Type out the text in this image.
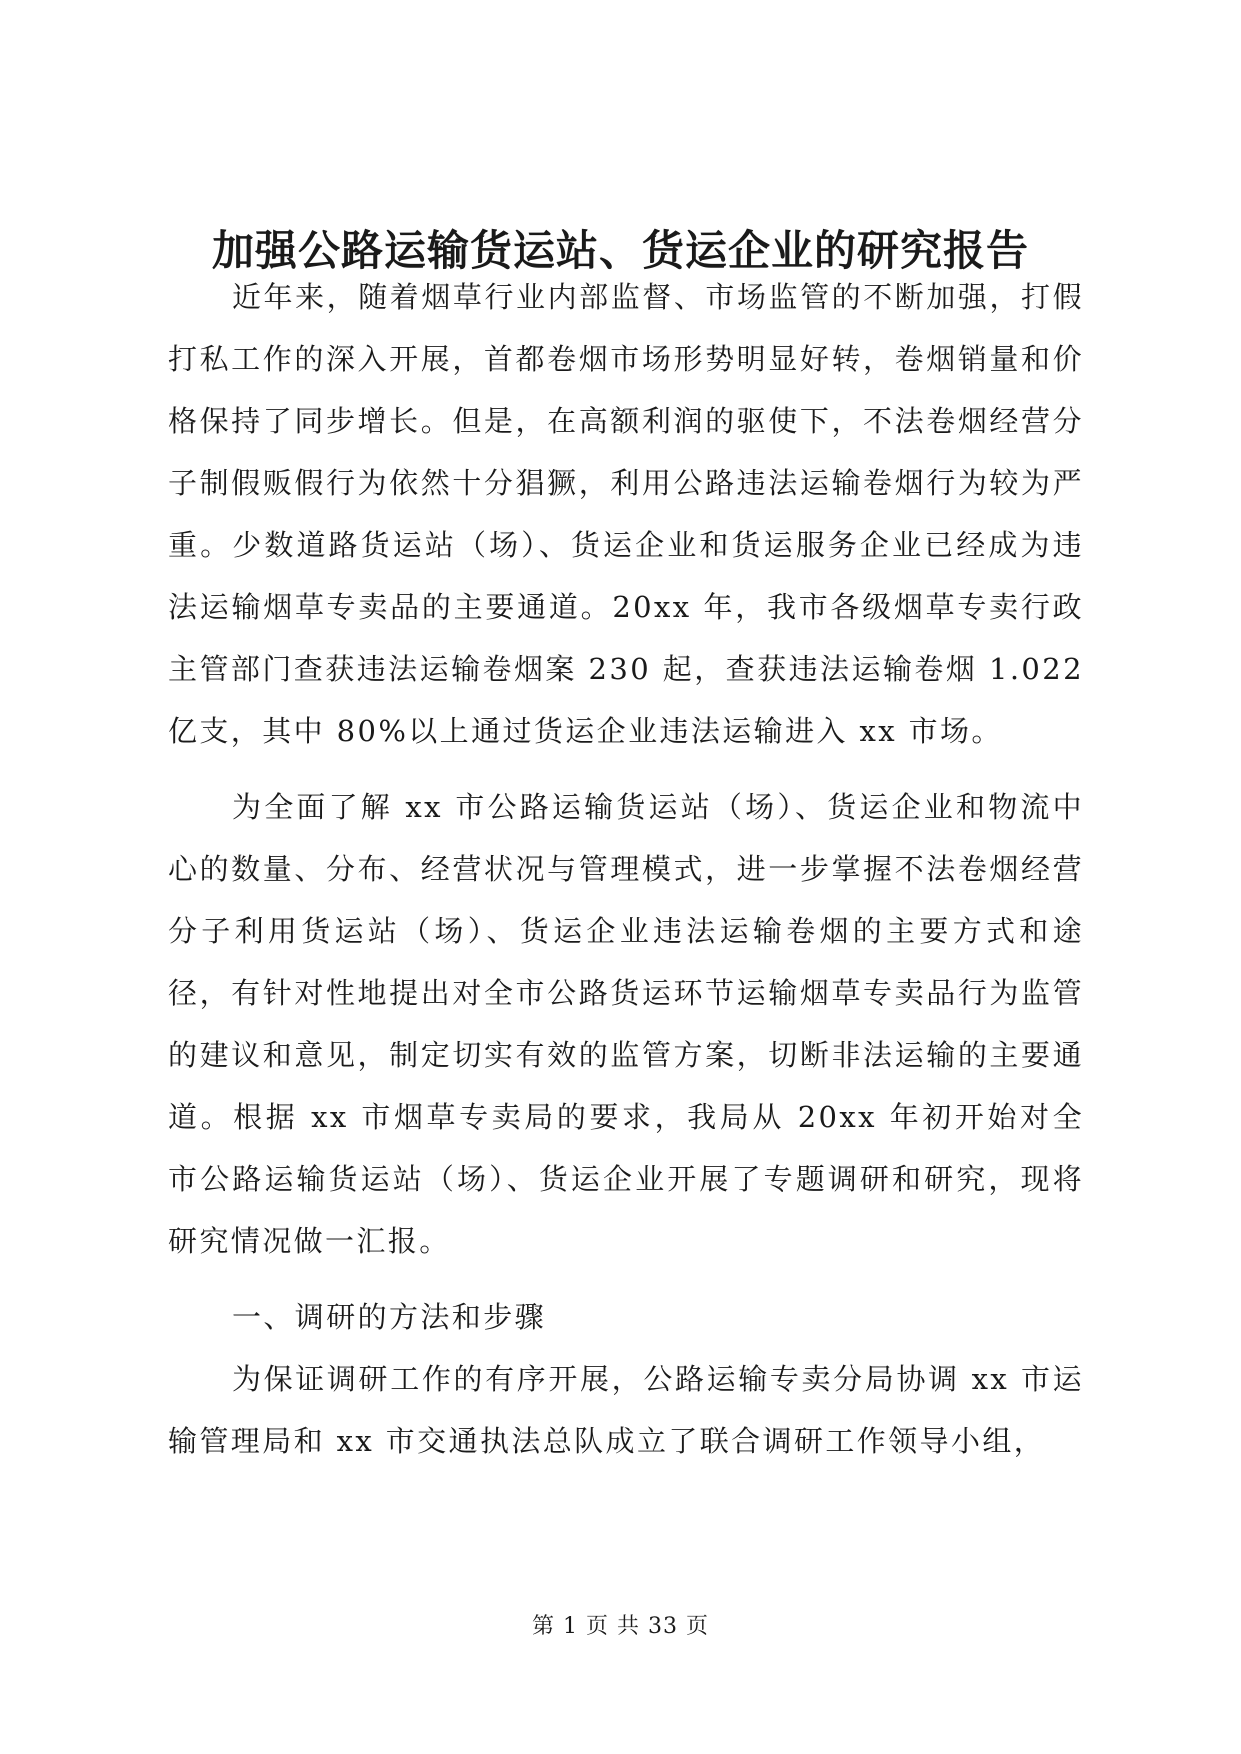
加强公路运输货运站、货运企业的研究报告

近年来，随着烟草行业内部监督、市场监管的不断加强，打假打私工作的深入开展，首都卷烟市场形势明显好转，卷烟销量和价格保持了同步增长。但是，在高额利润的驱使下，不法卷烟经营分子制假贩假行为依然十分猖獗，利用公路违法运输卷烟行为较为严重。少数道路货运站（场）、货运企业和货运服务企业已经成为违法运输烟草专卖品的主要通道。20xx 年，我市各级烟草专卖行政主管部门查获违法运输卷烟案 230 起，查获违法运输卷烟 1.022 亿支，其中 80%以上通过货运企业违法运输进入 xx 市场。

为全面了解 xx 市公路运输货运站（场）、货运企业和物流中心的数量、分布、经营状况与管理模式，进一步掌握不法卷烟经营分子利用货运站（场）、货运企业违法运输卷烟的主要方式和途径，有针对性地提出对全市公路货运环节运输烟草专卖品行为监管的建议和意见，制定切实有效的监管方案，切断非法运输的主要通道。根据 xx 市烟草专卖局的要求，我局从 20xx 年初开始对全市公路运输货运站（场）、货运企业开展了专题调研和研究，现将研究情况做一汇报。

一、调研的方法和步骤

为保证调研工作的有序开展，公路运输专卖分局协调 xx 市运输管理局和 xx 市交通执法总队成立了联合调研工作领导小组，

第 1 页 共 33 页
